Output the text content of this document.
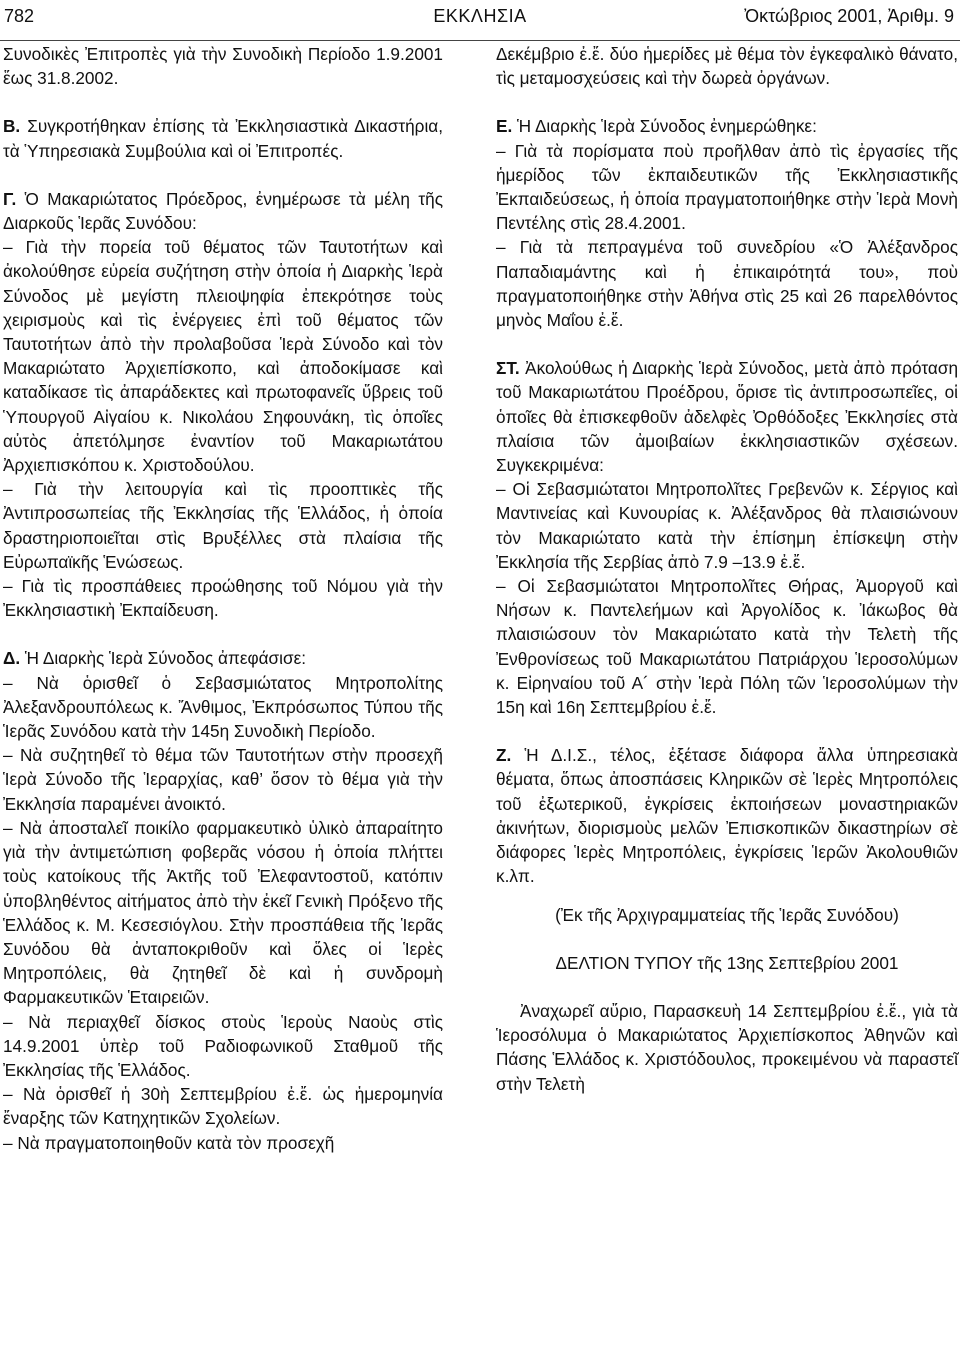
782	ΕΚΚΛΗΣΙΑ	Ὀκτώβριος 2001, Ἀριθμ. 9

Συνοδικὲς Ἐπιτροπὲς γιὰ τὴν Συνοδικὴ Περίοδο 1.9.2001 ἕως 31.8.2002.

Β. Συγκροτήθηκαν ἐπίσης τὰ Ἐκκλησιαστικὰ Δικαστήρια, τὰ Ὑπηρεσιακὰ Συμβούλια καὶ οἱ Ἐπιτροπές.

Γ. Ὁ Μακαριώτατος Πρόεδρος, ἐνημέρωσε τὰ μέλη τῆς Διαρκοῦς Ἱερᾶς Συνόδου:

– Γιὰ τὴν πορεία τοῦ θέματος τῶν Ταυτοτήτων καὶ ἀκολούθησε εὐρεία συζήτηση στὴν ὁποία ἡ Διαρκὴς Ἱερὰ Σύνοδος μὲ μεγίστη πλειοψηφία ἐπεκρότησε τοὺς χειρισμοὺς καὶ τὶς ἐνέργειες ἐπὶ τοῦ θέματος τῶν Ταυτοτήτων ἀπὸ τὴν προλαβοῦσα Ἱερὰ Σύνοδο καὶ τὸν Μακαριώτατο Ἀρχιεπίσκοπο, καὶ ἀποδοκίμασε καὶ καταδίκασε τὶς ἀπαράδεκτες καὶ πρωτοφανεῖς ὕβρεις τοῦ Ὑπουργοῦ Αἰγαίου κ. Νικολάου Σηφουνάκη, τὶς ὁποῖες αὐτὸς ἀπετόλμησε ἐναντίον τοῦ Μακαριωτάτου Ἀρχιεπισκόπου κ. Χριστοδούλου.

– Γιὰ τὴν λειτουργία καὶ τὶς προοπτικὲς τῆς Ἀντιπροσωπείας τῆς Ἐκκλησίας τῆς Ἑλλάδος, ἡ ὁποία δραστηριοποιεῖται στὶς Βρυξέλλες στὰ πλαίσια τῆς Εὐρωπαϊκῆς Ἑνώσεως.

– Γιὰ τὶς προσπάθειες προώθησης τοῦ Νόμου γιὰ τὴν Ἐκκλησιαστικὴ Ἐκπαίδευση.

Δ. Ἡ Διαρκὴς Ἱερὰ Σύνοδος ἀπεφάσισε:

– Νὰ ὁρισθεῖ ὁ Σεβασμιώτατος Μητροπολίτης Ἀλεξανδρουπόλεως κ. Ἄνθιμος, Ἐκπρόσωπος Τύπου τῆς Ἱερᾶς Συνόδου κατὰ τὴν 145η Συνοδικὴ Περίοδο.

– Νὰ συζητηθεῖ τὸ θέμα τῶν Ταυτοτήτων στὴν προσεχῆ Ἱερὰ Σύνοδο τῆς Ἱεραρχίας, καθ’ ὅσον τὸ θέμα γιὰ τὴν Ἐκκλησία παραμένει ἀνοικτό.

– Νὰ ἀποσταλεῖ ποικίλο φαρμακευτικὸ ὑλικὸ ἀπαραίτητο γιὰ τὴν ἀντιμετώπιση φοβερᾶς νόσου ἡ ὁποία πλήττει τοὺς κατοίκους τῆς Ἀκτῆς τοῦ Ἐλεφαντοστοῦ, κατόπιν ὑποβληθέντος αἰτήματος ἀπὸ τὴν ἐκεῖ Γενικὴ Πρόξενο τῆς Ἑλλάδος κ. Μ. Κεσεσιόγλου. Στὴν προσπάθεια τῆς Ἱερᾶς Συνόδου θὰ ἀνταποκριθοῦν καὶ ὅλες οἱ Ἱερὲς Μητροπόλεις, θὰ ζητηθεῖ δὲ καὶ ἡ συνδρομὴ Φαρμακευτικῶν Ἑταιρειῶν.

– Νὰ περιαχθεῖ δίσκος στοὺς Ἱεροὺς Ναοὺς στὶς 14.9.2001 ὑπὲρ τοῦ Ραδιοφωνικοῦ Σταθμοῦ τῆς Ἐκκλησίας τῆς Ἑλλάδος.

– Νὰ ὁρισθεῖ ἡ 30ὴ Σεπτεμβρίου ἐ.ἔ. ὡς ἡμερομηνία ἔναρξης τῶν Κατηχητικῶν Σχολείων.

– Νὰ πραγματοποιηθοῦν κατὰ τὸν προσεχῆ

Δεκέμβριο ἐ.ἔ. δύο ἡμερίδες μὲ θέμα τὸν ἐγκεφαλικὸ θάνατο, τὶς μεταμοσχεύσεις καὶ τὴν δωρεὰ ὀργάνων.

Ε. Ἡ Διαρκὴς Ἱερὰ Σύνοδος ἐνημερώθηκε:

– Γιὰ τὰ πορίσματα ποὺ προῆλθαν ἀπὸ τὶς ἐργασίες τῆς ἡμερίδος τῶν ἐκπαιδευτικῶν τῆς Ἐκκλησιαστικῆς Ἐκπαιδεύσεως, ἡ ὁποία πραγματοποιήθηκε στὴν Ἱερὰ Μονὴ Πεντέλης στὶς 28.4.2001.

– Γιὰ τὰ πεπραγμένα τοῦ συνεδρίου «Ὁ Ἀλέξανδρος Παπαδιαμάντης καὶ ἡ ἐπικαιρότητά του», ποὺ πραγματοποιήθηκε στὴν Ἀθήνα στὶς 25 καὶ 26 παρελθόντος μηνὸς Μαΐου ἐ.ἔ.

ΣΤ. Ἀκολούθως ἡ Διαρκὴς Ἱερὰ Σύνοδος, μετὰ ἀπὸ πρόταση τοῦ Μακαριωτάτου Προέδρου, ὅρισε τὶς ἀντιπροσωπεῖες, οἱ ὁποῖες θὰ ἐπισκεφθοῦν ἀδελφὲς Ὀρθόδοξες Ἐκκλησίες στὰ πλαίσια τῶν ἀμοιβαίων ἐκκλησιαστικῶν σχέσεων. Συγκεκριμένα:

– Οἱ Σεβασμιώτατοι Μητροπολῖτες Γρεβενῶν κ. Σέργιος καὶ Μαντινείας καὶ Κυνουρίας κ. Ἀλέξανδρος θὰ πλαισιώνουν τὸν Μακαριώτατο κατὰ τὴν ἐπίσημη ἐπίσκεψη στὴν Ἐκκλησία τῆς Σερβίας ἀπὸ 7.9 –13.9 ἐ.ἔ.

– Οἱ Σεβασμιώτατοι Μητροπολῖτες Θήρας, Ἀμοργοῦ καὶ Νήσων κ. Παντελεήμων καὶ Ἀργολίδος κ. Ἰάκωβος θὰ πλαισιώσουν τὸν Μακαριώτατο κατὰ τὴν Τελετὴ τῆς Ἐνθρονίσεως τοῦ Μακαριωτάτου Πατριάρχου Ἱεροσολύμων κ. Εἰρηναίου τοῦ Α´ στὴν Ἱερὰ Πόλη τῶν Ἱεροσολύμων τὴν 15η καὶ 16η Σεπτεμβρίου ἐ.ἔ.

Ζ. Ἡ Δ.Ι.Σ., τέλος, ἐξέτασε διάφορα ἄλλα ὑπηρεσιακὰ θέματα, ὅπως ἀποσπάσεις Κληρικῶν σὲ Ἱερὲς Μητροπόλεις τοῦ ἐξωτερικοῦ, ἐγκρίσεις ἐκποιήσεων μοναστηριακῶν ἀκινήτων, διορισμοὺς μελῶν Ἐπισκοπικῶν δικαστηρίων σὲ διάφορες Ἱερὲς Μητροπόλεις, ἐγκρίσεις Ἱερῶν Ἀκολουθιῶν κ.λπ.

(Ἐκ τῆς Ἀρχιγραμματείας τῆς Ἱερᾶς Συνόδου)

ΔΕΛΤΙΟΝ ΤΥΠΟΥ τῆς 13ης Σεπτεβρίου 2001

Ἀναχωρεῖ αὔριο, Παρασκευὴ 14 Σεπτεμβρίου ἐ.ἔ., γιὰ τὰ Ἱεροσόλυμα ὁ Μακαριώτατος Ἀρχιεπίσκοπος Ἀθηνῶν καὶ Πάσης Ἑλλάδος κ. Χριστόδουλος, προκειμένου νὰ παραστεῖ στὴν Τελετὴ
